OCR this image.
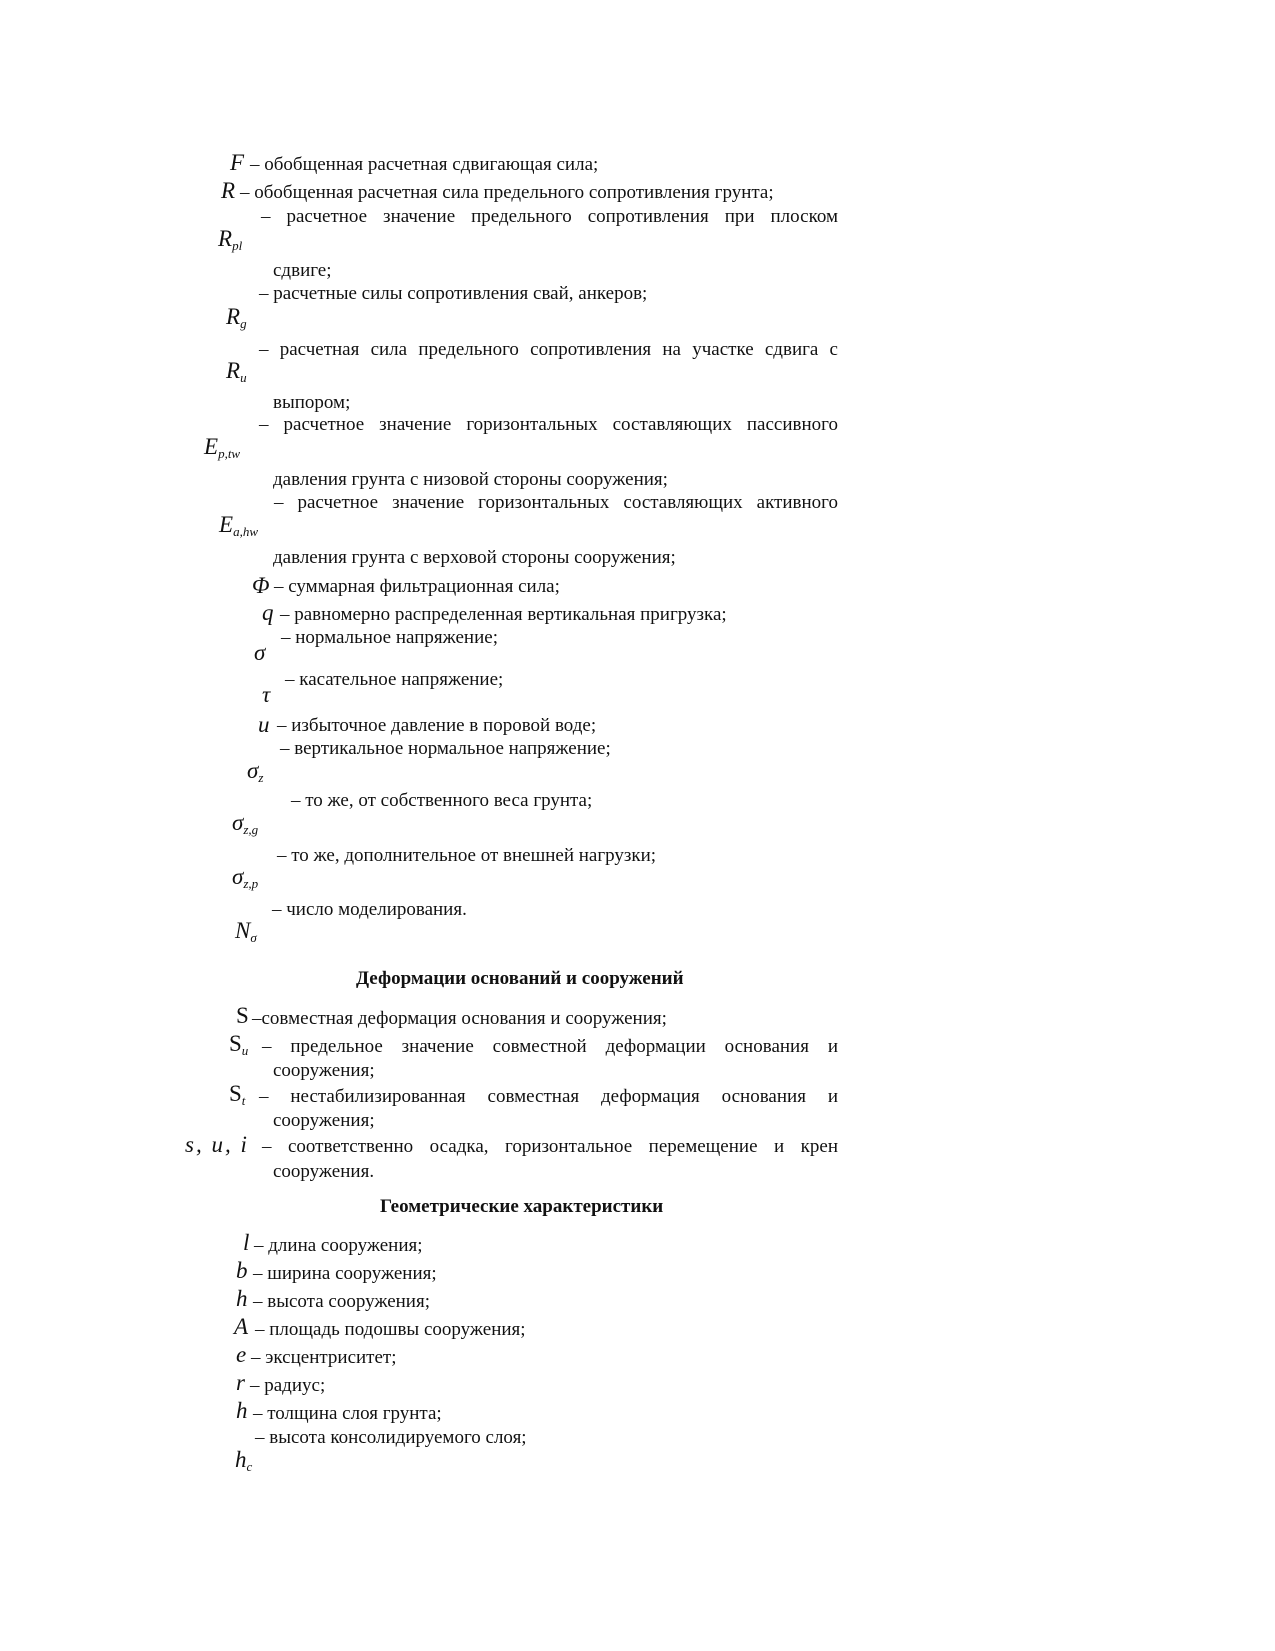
F – обобщенная расчетная сдвигающая сила;
R – обобщенная расчетная сила предельного сопротивления грунта;
– расчетное значение предельного сопротивления при плоском
$R_{pl}$
сдвиге;
– расчетные силы сопротивления свай, анкеров;
$R_g$
– расчетная сила предельного сопротивления на участке сдвига с
$R_u$
выпором;
– расчетное значение горизонтальных составляющих пассивного
$E_{p,tw}$
давления грунта с низовой стороны сооружения;
– расчетное значение горизонтальных составляющих активного
$E_{a,hw}$
давления грунта с верховой стороны сооружения;
Φ – суммарная фильтрационная сила;
q – равномерно распределенная вертикальная пригрузка;
– нормальное напряжение;
σ
– касательное напряжение;
τ
u – избыточное давление в поровой воде;
– вертикальное нормальное напряжение;
$\sigma_z$
– то же, от собственного веса грунта;
$\sigma_{z,g}$
– то же, дополнительное от внешней нагрузки;
$\sigma_{z,p}$
– число моделирования.
$N_\sigma$
Деформации оснований и сооружений
S –совместная деформация основания и сооружения;
$S_u$ – предельное значение совместной деформации основания и
сооружения;
$S_t$ – нестабилизированная совместная деформация основания и
сооружения;
s, u, i – соответственно осадка, горизонтальное перемещение и крен
сооружения.
Геометрические характеристики
l – длина сооружения;
b – ширина сооружения;
h – высота сооружения;
A – площадь подошвы сооружения;
e – эксцентриситет;
r – радиус;
h – толщина слоя грунта;
– высота консолидируемого слоя;
$h_c$
